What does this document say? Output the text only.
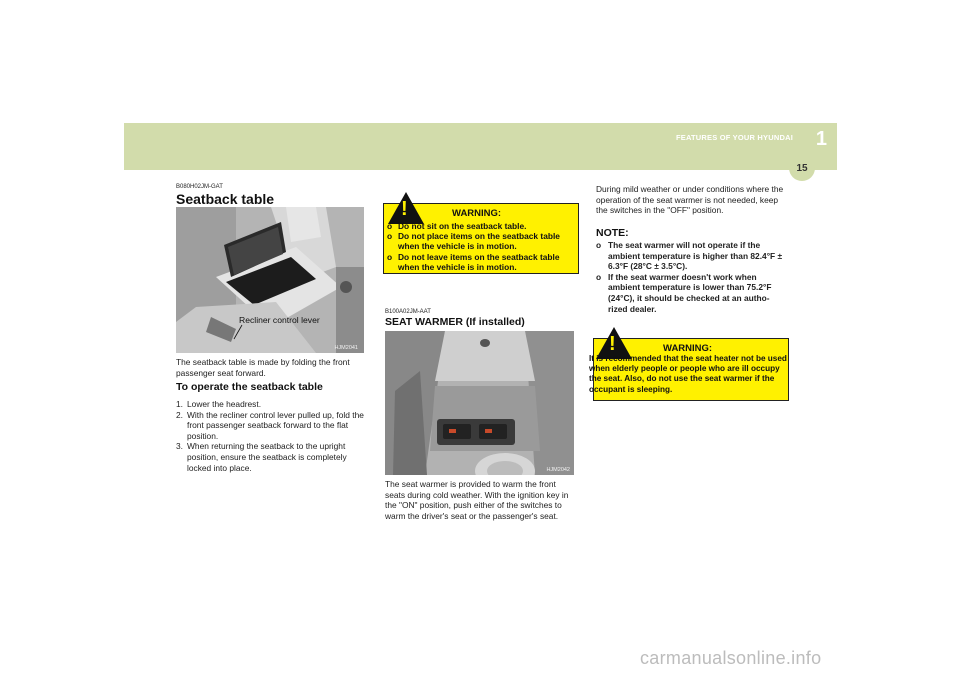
FEATURES OF YOUR HYUNDAI 1
15
B080H02JM-GAT
Seatback table
Recliner control lever
HJM2041
The seatback table is made by folding the front passenger seat forward.
To operate the seatback table
1. Lower the headrest.
2. With the recliner control lever pulled up, fold the front passenger seatback forward to the flat position.
3. When returning the seatback to the upright position, ensure the seatback is completely locked into place.
!	WARNING:
o Do not sit on the seatback table.
o Do not place items on the seatback table when the vehicle is in motion.
o Do not leave items on the seatback table when the vehicle is in motion.
B100A02JM-AAT
SEAT WARMER (If installed)
HJM2042
The seat warmer is provided to warm the front seats during cold weather. With the ignition key in the "ON" position, push either of the switches to warm the driver's seat or the passenger's seat.
During mild weather or under conditions where the operation of the seat warmer is not needed, keep the switches in the "OFF" position.
NOTE:
o The seat warmer will not operate if the ambient temperature is higher than 82.4°F ± 6.3°F (28°C ± 3.5°C).
o If the seat warmer doesn't work when ambient temperature is lower than 75.2°F (24°C), it should be checked at an autho-rized dealer.
!	WARNING:
It is recommended that the seat heater not be used when elderly people or people who are ill occupy the seat. Also, do not use the seat warmer if the occupant is sleeping.
carmanualsonline.info
